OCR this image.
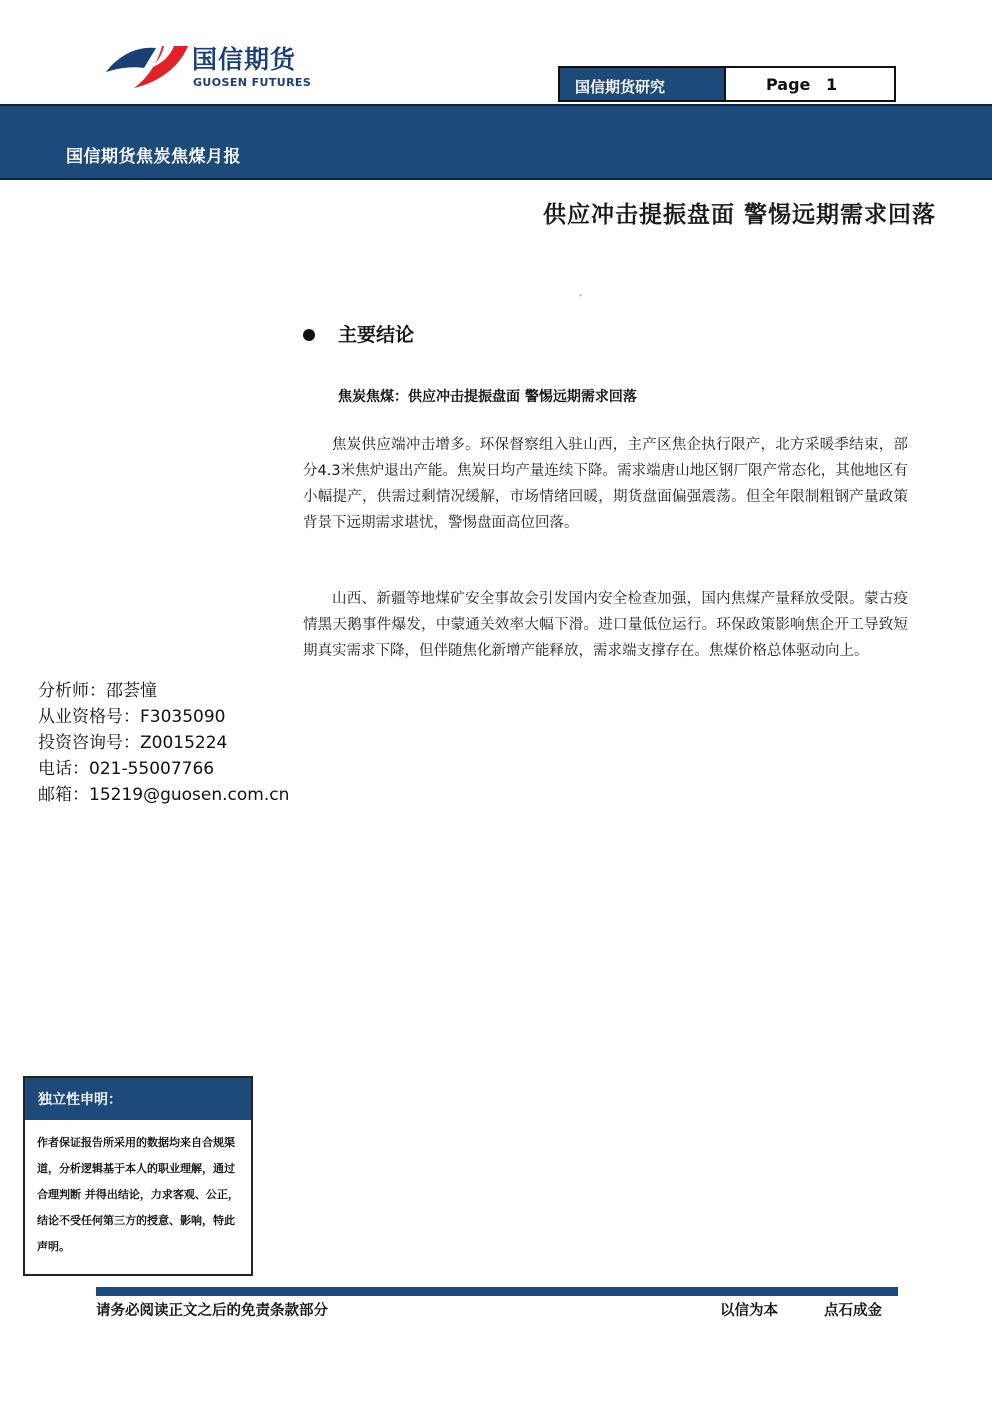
国信期货
GUOSEN FUTURES	国信期货研究	Page 1
国信期货焦炭焦煤月报
供应冲击提振盘面 警惕远期需求回落
ﾞ
主要结论
焦炭焦煤：供应冲击提振盘面 警惕远期需求回落
焦炭供应端冲击增多。环保督察组入驻山西，主产区焦企执行限产，北方采暖季结束，部分4.3米焦炉退出产能。焦炭日均产量连续下降。需求端唐山地区钢厂限产常态化，其他地区有小幅提产，供需过剩情况缓解，市场情绪回暖，期货盘面偏强震荡。但全年限制粗钢产量政策背景下远期需求堪忧，警惕盘面高位回落。
山西、新疆等地煤矿安全事故会引发国内安全检查加强，国内焦煤产量释放受限。蒙古疫情黑天鹅事件爆发，中蒙通关效率大幅下滑。进口量低位运行。环保政策影响焦企开工导致短期真实需求下降，但伴随焦化新增产能释放，需求端支撑存在。焦煤价格总体驱动向上。
分析师：邵荟憧
从业资格号：F3035090
投资咨询号：Z0015224
电话：021-55007766
邮箱：15219@guosen.com.cn
独立性申明：
作者保证报告所采用的数据均来自合规渠道，分析逻辑基于本人的职业理解，通过合理判断 并得出结论，力求客观、公正，结论不受任何第三方的授意、影响，特此声明。
请务必阅读正文之后的免责条款部分	以信为本	点石成金
